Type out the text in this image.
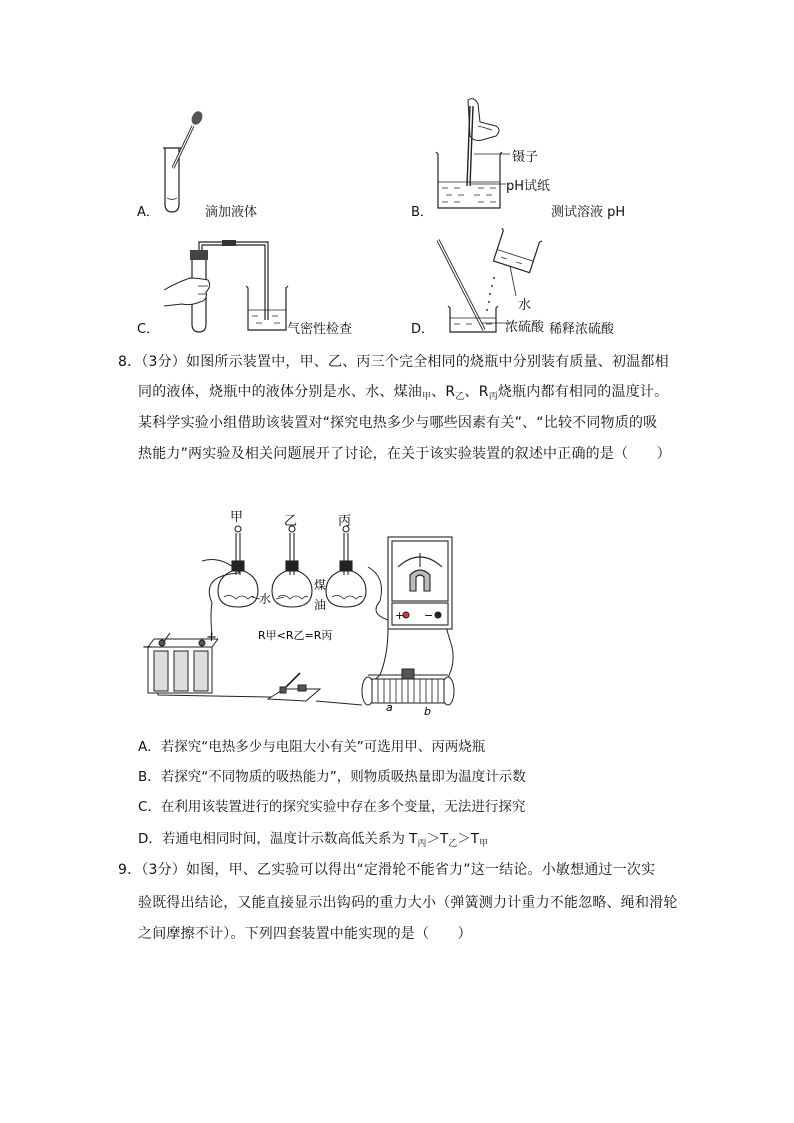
A．	滴加液体
镊子
pH试纸
B．	测试溶液 pH
C．	气密性检查
水
浓硫酸
D．	稀释浓硫酸
8．（3分）如图所示装置中，甲、乙、丙三个完全相同的烧瓶中分别装有质量、初温都相
同的液体，烧瓶中的液体分别是水、水、煤油$_甲$、$R_乙$、$R_丙$烧瓶内都有相同的温度计。
某科学实验小组借助该装置对“探究电热多少与哪些因素有关”、“比较不同物质的吸
热能力”两实验及相关问题展开了讨论，在关于该实验装置的叙述中正确的是（　　）
甲	乙	丙
水
煤
油
R甲<R乙=R丙
a	b
+ −
−
+
A．若探究“电热多少与电阻大小有关”可选用甲、丙两烧瓶
B．若探究“不同物质的吸热能力”，则物质吸热量即为温度计示数
C．在利用该装置进行的探究实验中存在多个变量，无法进行探究
D．若通电相同时间，温度计示数高低关系为 $T_丙>T_乙>T_甲$
9．（3分）如图，甲、乙实验可以得出“定滑轮不能省力”这一结论。小敏想通过一次实
验既得出结论，又能直接显示出钩码的重力大小（弹簧测力计重力不能忽略、绳和滑轮
之间摩擦不计）。下列四套装置中能实现的是（　　）
